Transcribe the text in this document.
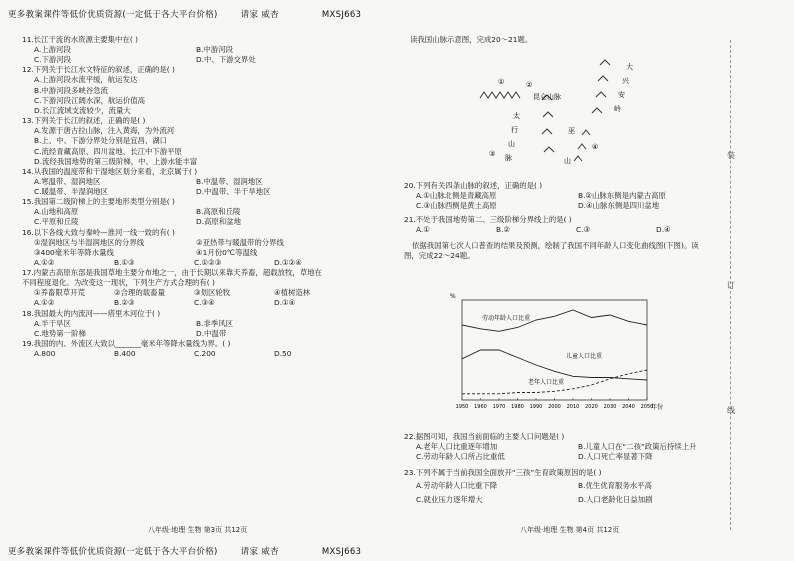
更多教案课件等低价优质资源(一定低于各大平台价格)	请家 威杏	MXSJ663
11.长江干流的水资源主要集中在( )
A.上游河段	B.中游河段
C.下游河段	D.中、下游交界处
12.下列关于长江水文特征的叙述，正确的是( )
A.上游河段水流平缓，航运发达
B.中游河段多峡谷急流
C.下游河段江阔水深，航运价值高
D.长江流域支流较少，流量大
13.下列关于长江的叙述，正确的是( )
A.发源于唐古拉山脉，注入黄海，为外流河
B.上、中、下游分界处分别是宜昌、湖口
C.流经青藏高原、四川盆地、长江中下游平原
D.流经我国地势的第三级阶梯，中、上游水能丰富
14.从我国的温度带和干湿地区划分来看，北京属于( )
A.寒温带、湿润地区	B.中温带、湿润地区
C.暖温带、半湿润地区	D.中温带、半干旱地区
15.我国第二级阶梯上的主要地形类型分别是( )
A.山地和高原	B.高原和丘陵
C.平原和丘陵	D.高原和盆地
16.以下各线大致与秦岭—淮河一线一致的有( )
①湿润地区与半湿润地区的分界线	②亚热带与暖温带的分界线
③400毫米年等降水量线	④1月份0℃等温线
A.①②	B.①③	C.①②③	D.①②④
17.内蒙古高原东部是我国草地主要分布地之一，由于长期以来靠天养畜，超载放牧，草地在
不同程度退化。为改变这一现状，下列生产方式合理的有( )
①养畜限草开荒	②合理的载畜量	③划区轮牧	④植树造林
A.①②	B.②③	C.③④	D.①④
18.我国最大的内流河——塔里木河位于( )
A.半干旱区	B.非季风区
C.地势第一阶梯	D.中温带
19.我国的内、外流区大致以_______毫米年等降水量线为界。( )
A.800	B.400	C.200	D.50
读我国山脉示意图，完成20～21题。
①
昆仑山脉
②
太
行
山
脉
③
大
兴
安
岭
巫
山
④
20.下列有关四条山脉的叙述，正确的是( )
A.①山脉北侧是青藏高原	B.②山脉东侧是内蒙古高原
C.③山脉西侧是黄土高原	D.④山脉东侧是四川盆地
21.不处于我国地势第二、三级阶梯分界线上的是( )
A.①	B.②	C.③	D.④
依据我国第七次人口普查的结果及预测，绘制了我国不同年龄人口变化曲线图(下图)。读
图，完成22～24题。
%
年份
1950 1960 1970 1980 1990 2000 2010 2020 2030 2040 2050
劳动年龄人口比重
儿童人口比重
老年人口比重
22.据图可知，我国当前面临的主要人口问题是( )
A.老年人口比重逐年增加	B.儿童人口在“二孩”政策后持续上升
C.劳动年龄人口所占比重低	D.人口死亡率显著下降
23.下列不属于当前我国全面放开“三孩”生育政策原因的是( )
A.劳动年龄人口比重下降	B.优生优育服务水平高
C.就业压力逐年增大	D.人口老龄化日益加剧
八年级·地理 生物 第3页 共12页	八年级·地理 生物 第4页 共12页
装
订
线
更多教案课件等低价优质资源(一定低于各大平台价格)	请家 威杏	MXSJ663
